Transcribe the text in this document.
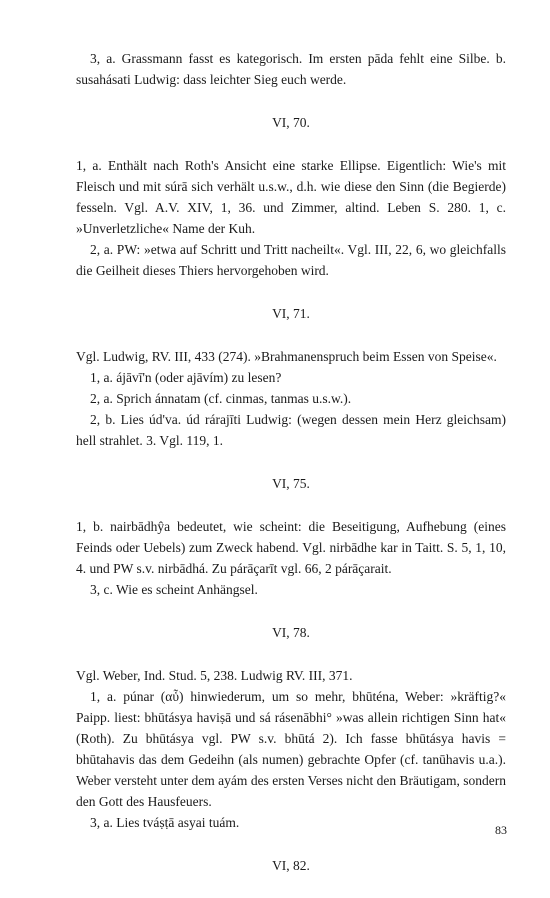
3, a. Grassmann fasst es kategorisch. Im ersten pāda fehlt eine Silbe. b. susahásati Ludwig: dass leichter Sieg euch werde.

VI, 70.

1, a. Enthält nach Roth's Ansicht eine starke Ellipse. Eigentlich: Wie's mit Fleisch und mit súrā sich verhält u.s.w., d.h. wie diese den Sinn (die Begierde) fesseln. Vgl. A.V. XIV, 1, 36. und Zimmer, altind. Leben S. 280. 1, c. »Unverletzliche« Name der Kuh.

2, a. PW: »etwa auf Schritt und Tritt nacheilt«. Vgl. III, 22, 6, wo gleichfalls die Geilheit dieses Thiers hervorgehoben wird.

VI, 71.

Vgl. Ludwig, RV. III, 433 (274). »Brahmanenspruch beim Essen von Speise«.

1, a. ájāvī'n (oder ajāvím) zu lesen?

2, a. Sprich ánnatam (cf. cinmas, tanmas u.s.w.).

2, b. Lies úd'va. úd rárajīti Ludwig: (wegen dessen mein Herz gleichsam) hell strahlet. 3. Vgl. 119, 1.

VI, 75.

1, b. nairbādhŷa bedeutet, wie scheint: die Beseitigung, Aufhebung (eines Feinds oder Uebels) zum Zweck habend. Vgl. nirbādhe kar in Taitt. S. 5, 1, 10, 4. und PW s.v. nirbādhá. Zu párāçarīt vgl. 66, 2 párāçarait.

3, c. Wie es scheint Anhängsel.

VI, 78.

Vgl. Weber, Ind. Stud. 5, 238. Ludwig RV. III, 371.

1, a. púnar (αὖ) hinwiederum, um so mehr, bhūténa, Weber: »kräftig?« Paipp. liest: bhūtásya haviṣā und sá rásenābhi° »was allein richtigen Sinn hat« (Roth). Zu bhūtásya vgl. PW s.v. bhūtá 2). Ich fasse bhūtásya havis = bhūtahavis das dem Gedeihn (als numen) gebrachte Opfer (cf. tanūhavis u.a.). Weber versteht unter dem ayám des ersten Verses nicht den Bräutigam, sondern den Gott des Hausfeuers.

3, a. Lies tváṣṭā asyai tuám.

VI, 82.
83
